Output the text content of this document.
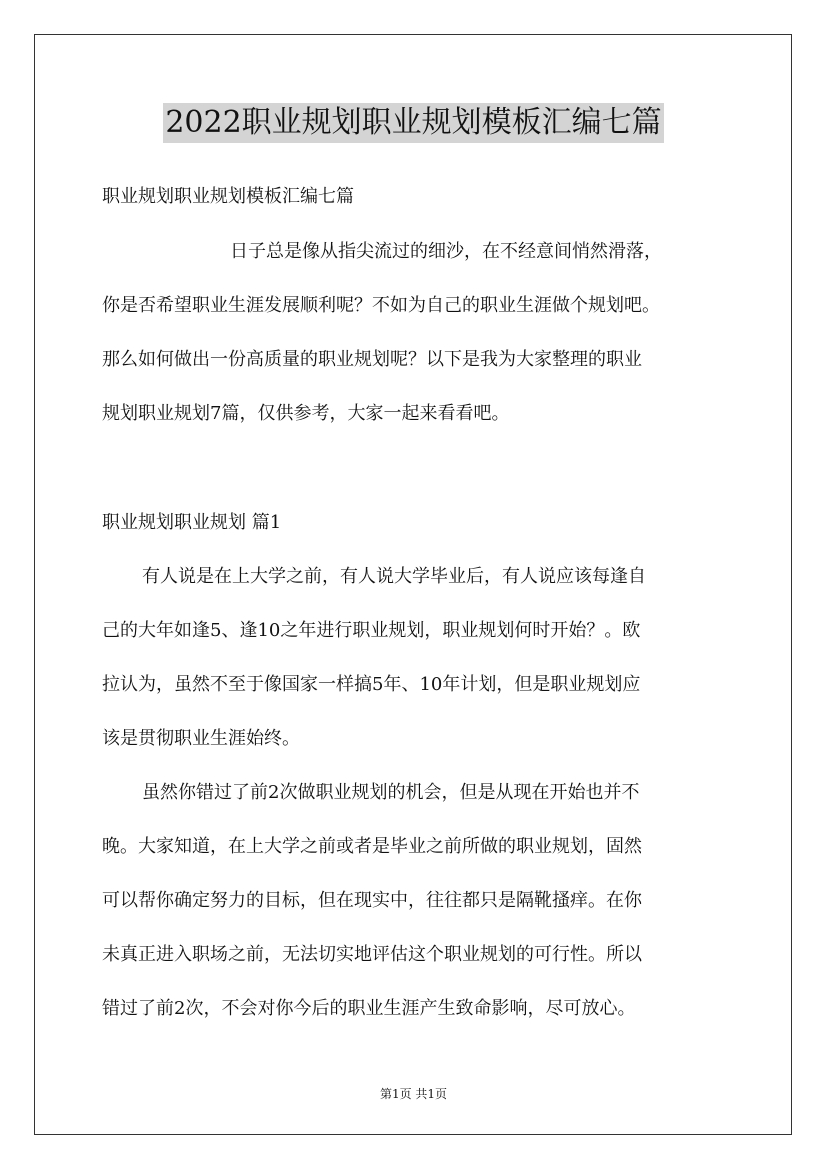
2022职业规划职业规划模板汇编七篇
职业规划职业规划模板汇编七篇
日子总是像从指尖流过的细沙，在不经意间悄然滑落，
你是否希望职业生涯发展顺利呢？不如为自己的职业生涯做个规划吧。
那么如何做出一份高质量的职业规划呢？以下是我为大家整理的职业
规划职业规划7篇，仅供参考，大家一起来看看吧。
职业规划职业规划 篇1
有人说是在上大学之前，有人说大学毕业后，有人说应该每逢自
己的大年如逢5、逢10之年进行职业规划，职业规划何时开始？。欧
拉认为，虽然不至于像国家一样搞5年、10年计划，但是职业规划应
该是贯彻职业生涯始终。
虽然你错过了前2次做职业规划的机会，但是从现在开始也并不
晚。大家知道，在上大学之前或者是毕业之前所做的职业规划，固然
可以帮你确定努力的目标，但在现实中，往往都只是隔靴搔痒。在你
未真正进入职场之前，无法切实地评估这个职业规划的可行性。所以
错过了前2次，不会对你今后的职业生涯产生致命影响，尽可放心。
第1页 共1页
